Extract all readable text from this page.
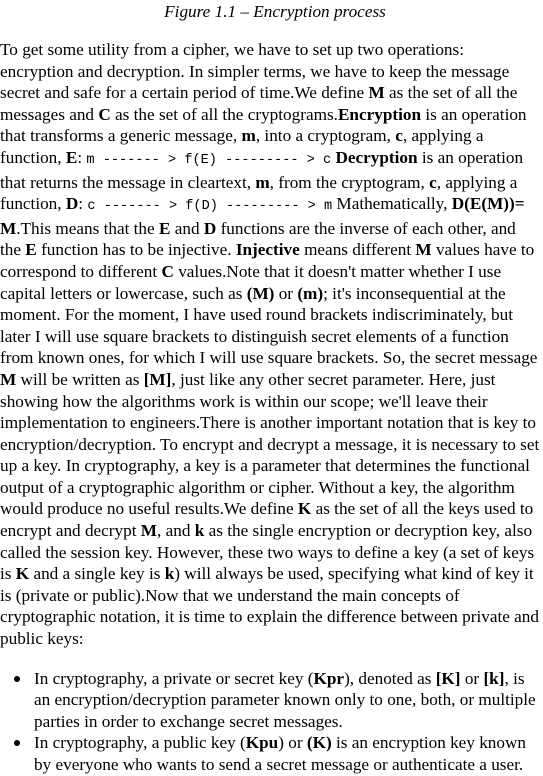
Figure 1.1 – Encryption process

To get some utility from a cipher, we have to set up two operations: encryption and decryption. In simpler terms, we have to keep the message secret and safe for a certain period of time.We define M as the set of all the messages and C as the set of all the cryptograms.Encryption is an operation that transforms a generic message, m, into a cryptogram, c, applying a function, E: m ------- > f(E) --------- > c Decryption is an operation that returns the message in cleartext, m, from the cryptogram, c, applying a function, D: c ------- > f(D) --------- > m Mathematically, D(E(M))= M.This means that the E and D functions are the inverse of each other, and the E function has to be injective. Injective means different M values have to correspond to different C values.Note that it doesn't matter whether I use capital letters or lowercase, such as (M) or (m); it's inconsequential at the moment. For the moment, I have used round brackets indiscriminately, but later I will use square brackets to distinguish secret elements of a function from known ones, for which I will use square brackets. So, the secret message M will be written as [M], just like any other secret parameter. Here, just showing how the algorithms work is within our scope; we'll leave their implementation to engineers.There is another important notation that is key to encryption/decryption. To encrypt and decrypt a message, it is necessary to set up a key. In cryptography, a key is a parameter that determines the functional output of a cryptographic algorithm or cipher. Without a key, the algorithm would produce no useful results.We define K as the set of all the keys used to encrypt and decrypt M, and k as the single encryption or decryption key, also called the session key. However, these two ways to define a key (a set of keys is K and a single key is k) will always be used, specifying what kind of key it is (private or public).Now that we understand the main concepts of cryptographic notation, it is time to explain the difference between private and public keys:

In cryptography, a private or secret key (Kpr), denoted as [K] or [k], is an encryption/decryption parameter known only to one, both, or multiple parties in order to exchange secret messages.
In cryptography, a public key (Kpu) or (K) is an encryption key known by everyone who wants to send a secret message or authenticate a user.
